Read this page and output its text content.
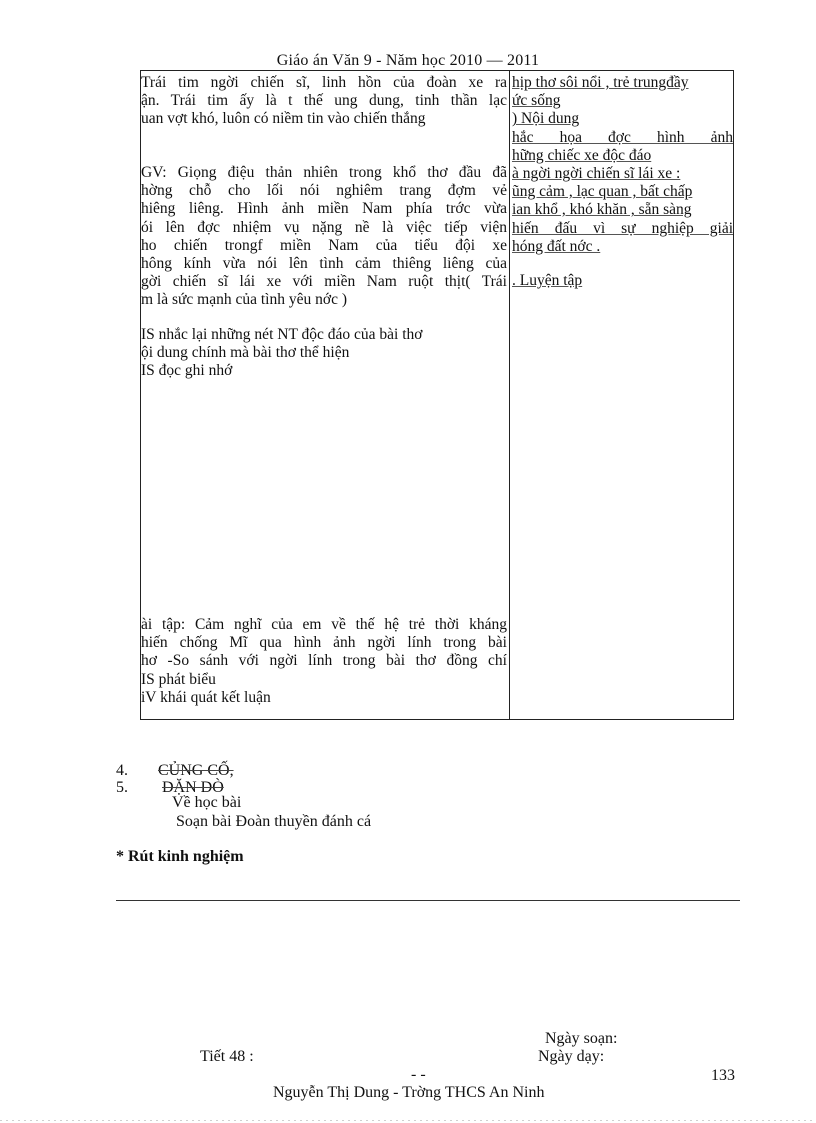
Giáo án Văn 9 - Năm học 2010 — 2011
Trái tim ngời chiến sĩ, linh hồn của đoàn xe ra
ận. Trái tim ấy là t thế ung dung, tinh thần lạc
uan vợt khó, luôn có niềm tin vào chiến thắng
GV: Giọng điệu thản nhiên trong khổ thơ đầu đã
hờng chỗ cho lối nói nghiêm trang đợm vẻ
hiêng liêng. Hình ảnh miền Nam phía trớc vừa
ói lên đợc nhiệm vụ nặng nề là việc tiếp viện
ho chiến trongf miền Nam của tiểu đội xe
hông kính vừa nói lên tình cảm thiêng liêng của
gời chiến sĩ lái xe với miền Nam ruột thịt( Trái
m là sức mạnh của tình yêu nớc )
IS nhắc lại những nét NT độc đáo của bài thơ
ội dung chính mà bài thơ thể hiện
IS đọc ghi nhớ
ài tập: Cảm nghĩ của em về thế hệ trẻ thời kháng
hiến chống Mĩ qua hình ảnh ngời lính trong bài
hơ -So sánh với ngời lính trong bài thơ đồng chí
IS phát biểu
iV khái quát kết luận
hịp thơ sôi nổi , trẻ trungđầy
ức sống
) Nội dung
hắc họa đợc hình ảnh
hững chiếc xe độc đáo
à ngời ngời chiến sĩ lái xe :
ũng cảm , lạc quan , bất chấp
ian khổ , khó khăn , sẵn sàng
hiến đấu vì sự nghiệp giải
hóng đất nớc .
. Luyện tập
4. CỦNG CỐ,
5. DẶN DÒ
Về học bài
Soạn bài Đoàn thuyền đánh cá
* Rút kinh nghiệm
Ngày soạn:
Tiết 48 :	Ngày dạy:
- -	133
Nguyễn Thị Dung - Trờng THCS An Ninh
